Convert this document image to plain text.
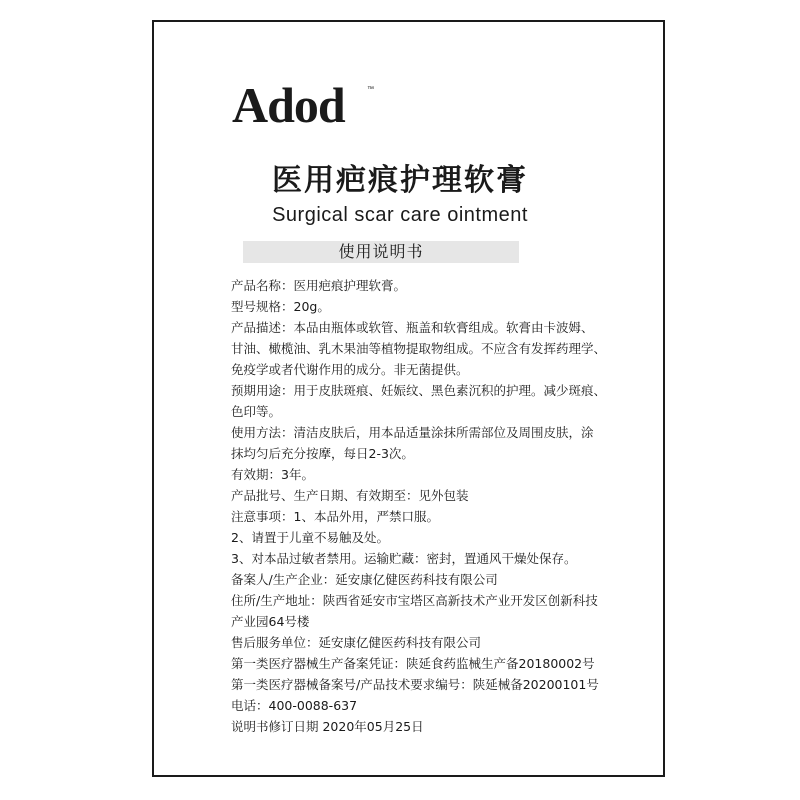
Adod	™
医用疤痕护理软膏
Surgical scar care ointment
使用说明书
产品名称：医用疤痕护理软膏。
型号规格：20g。
产品描述：本品由瓶体或软管、瓶盖和软膏组成。软膏由卡波姆、
甘油、橄榄油、乳木果油等植物提取物组成。不应含有发挥药理学、
免疫学或者代谢作用的成分。非无菌提供。
预期用途：用于皮肤斑痕、妊娠纹、黑色素沉积的护理。减少斑痕、
色印等。
使用方法：清洁皮肤后，用本品适量涂抹所需部位及周围皮肤，涂
抹均匀后充分按摩，每日2-3次。
有效期：3年。
产品批号、生产日期、有效期至：见外包装
注意事项：1、本品外用，严禁口服。
2、请置于儿童不易触及处。
3、对本品过敏者禁用。运输贮藏：密封，置通风干燥处保存。
备案人/生产企业：延安康亿健医药科技有限公司
住所/生产地址：陕西省延安市宝塔区高新技术产业开发区创新科技
产业园64号楼
售后服务单位：延安康亿健医药科技有限公司
第一类医疗器械生产备案凭证：陕延食药监械生产备20180002号
第一类医疗器械备案号/产品技术要求编号：陕延械备20200101号
电话：400-0088-637
说明书修订日期 2020年05月25日
